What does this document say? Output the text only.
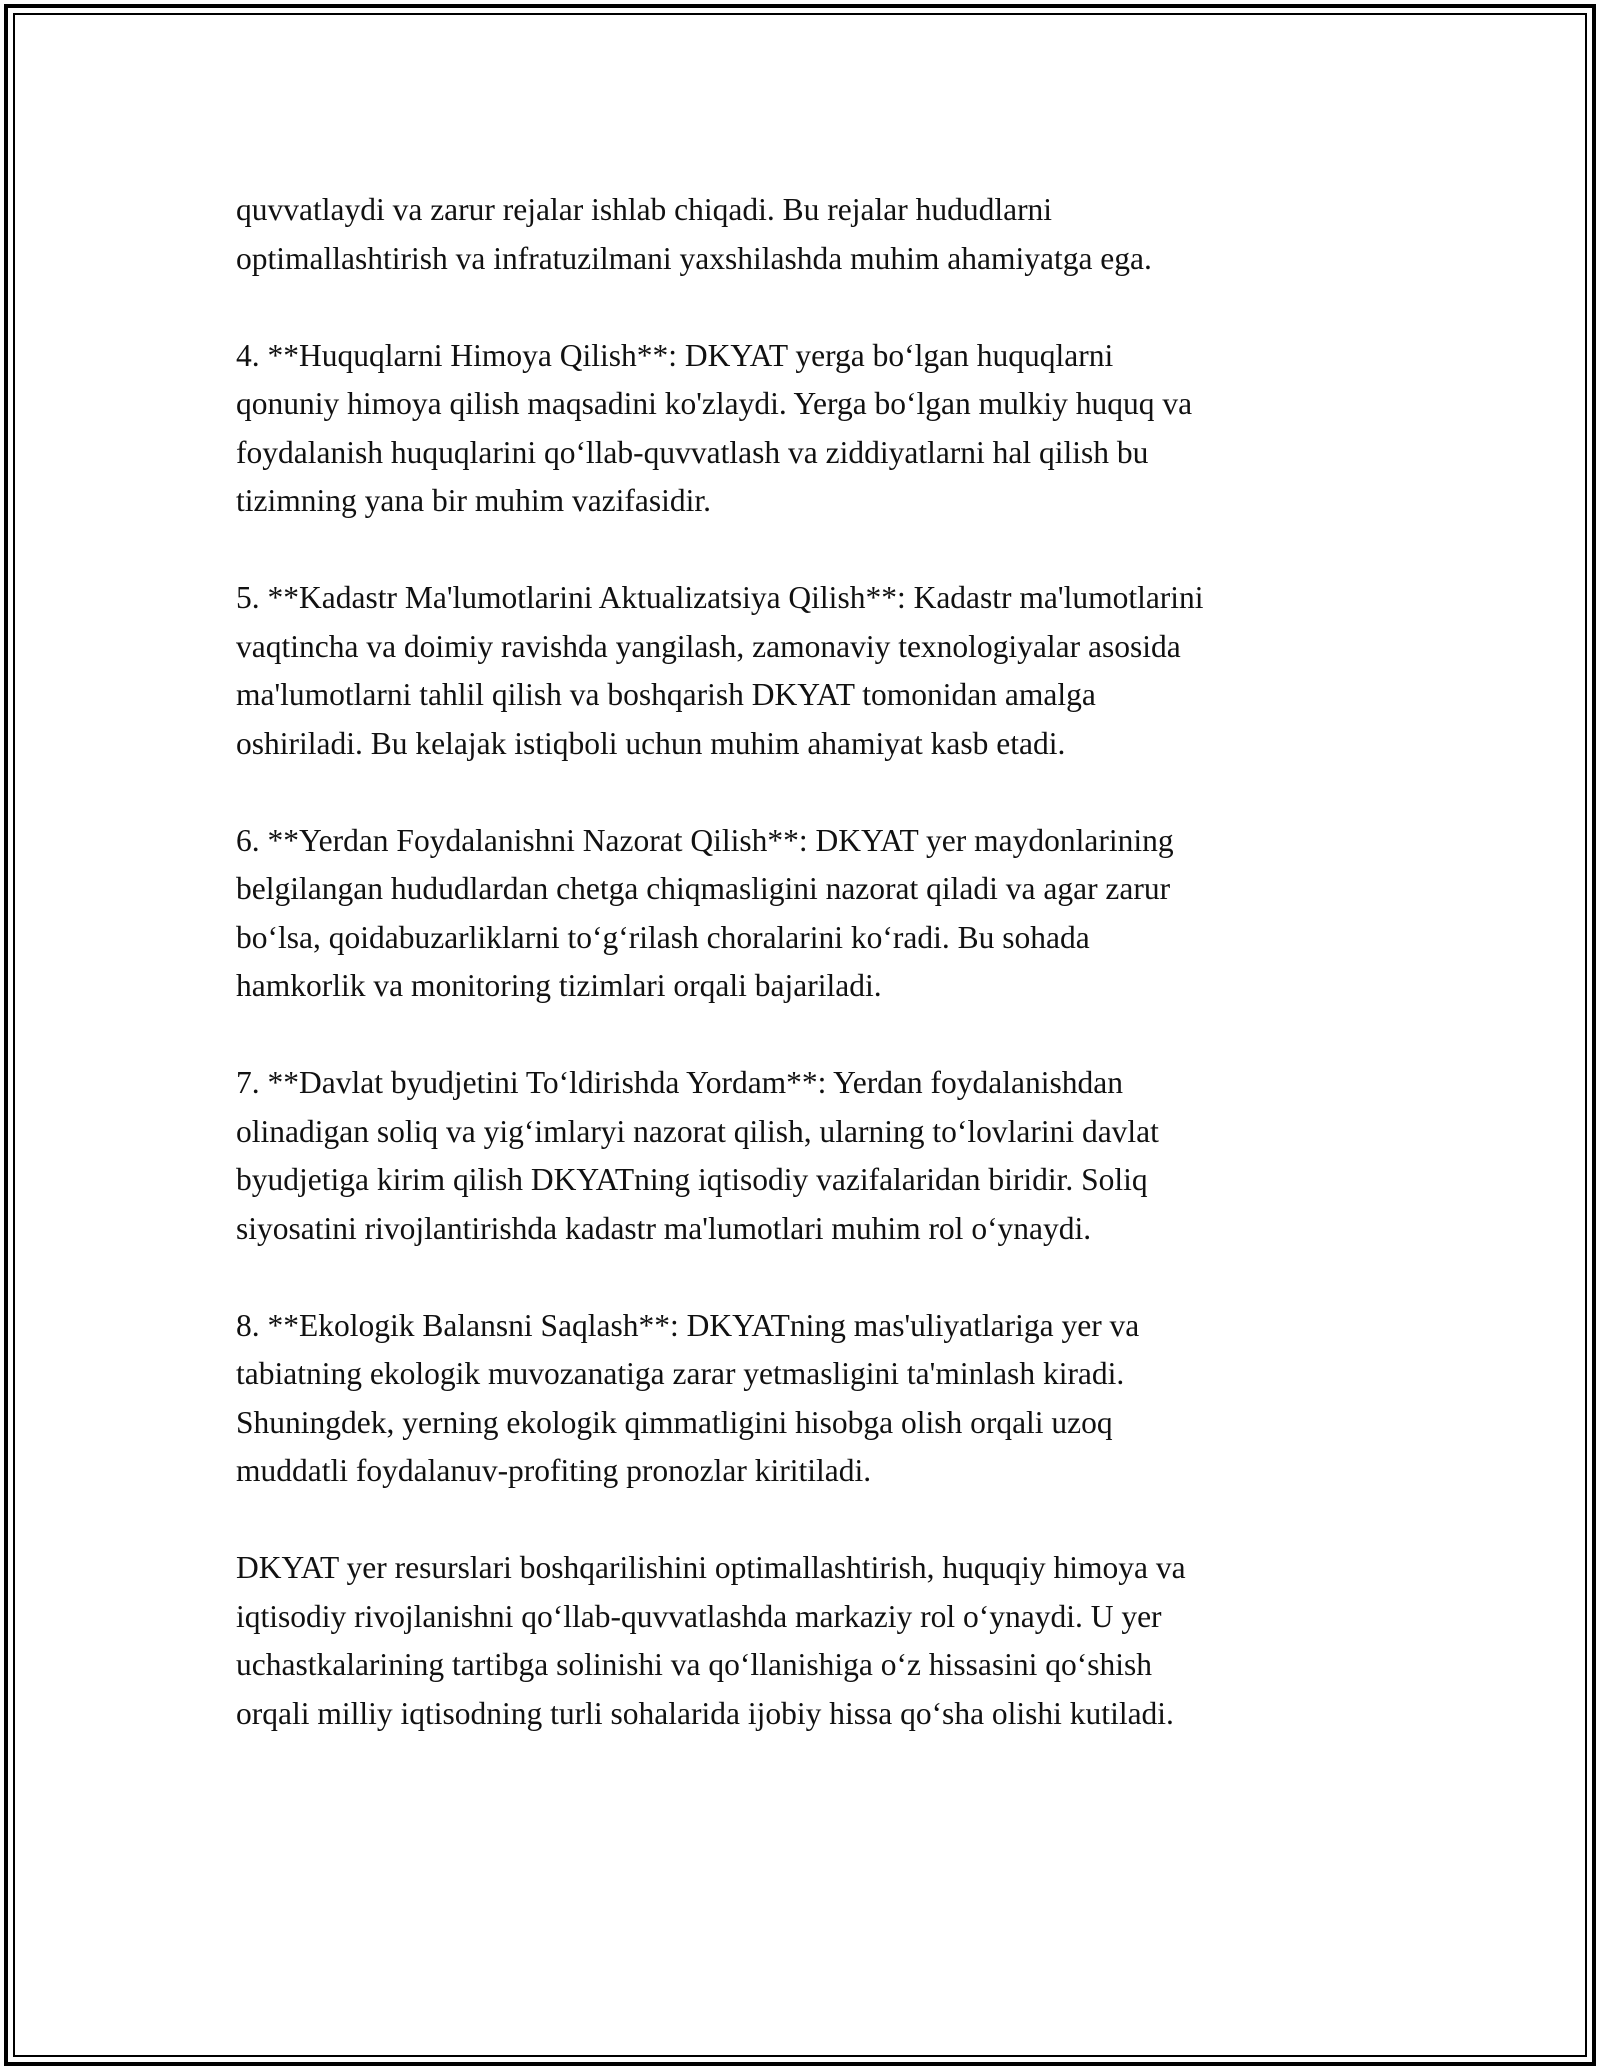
quvvatlaydi va zarur rejalar ishlab chiqadi. Bu rejalar hududlarni
optimallashtirish va infratuzilmani yaxshilashda muhim ahamiyatga ega.

4. **Huquqlarni Himoya Qilish**: DKYAT yerga bo‘lgan huquqlarni
qonuniy himoya qilish maqsadini ko'zlaydi. Yerga bo‘lgan mulkiy huquq va
foydalanish huquqlarini qo‘llab-quvvatlash va ziddiyatlarni hal qilish bu
tizimning yana bir muhim vazifasidir.

5. **Kadastr Ma'lumotlarini Aktualizatsiya Qilish**: Kadastr ma'lumotlarini
vaqtincha va doimiy ravishda yangilash, zamonaviy texnologiyalar asosida
ma'lumotlarni tahlil qilish va boshqarish DKYAT tomonidan amalga
oshiriladi. Bu kelajak istiqboli uchun muhim ahamiyat kasb etadi.

6. **Yerdan Foydalanishni Nazorat Qilish**: DKYAT yer maydonlarining
belgilangan hududlardan chetga chiqmasligini nazorat qiladi va agar zarur
bo‘lsa, qoidabuzarliklarni to‘g‘rilash choralarini ko‘radi. Bu sohada
hamkorlik va monitoring tizimlari orqali bajariladi.

7. **Davlat byudjetini To‘ldirishda Yordam**: Yerdan foydalanishdan
olinadigan soliq va yig‘imlaryi nazorat qilish, ularning to‘lovlarini davlat
byudjetiga kirim qilish DKYATning iqtisodiy vazifalaridan biridir. Soliq
siyosatini rivojlantirishda kadastr ma'lumotlari muhim rol o‘ynaydi.

8. **Ekologik Balansni Saqlash**: DKYATning mas'uliyatlariga yer va
tabiatning ekologik muvozanatiga zarar yetmasligini ta'minlash kiradi.
Shuningdek, yerning ekologik qimmatligini hisobga olish orqali uzoq
muddatli foydalanuv-profiting pronozlar kiritiladi.

DKYAT yer resurslari boshqarilishini optimallashtirish, huquqiy himoya va
iqtisodiy rivojlanishni qo‘llab-quvvatlashda markaziy rol o‘ynaydi. U yer
uchastkalarining tartibga solinishi va qo‘llanishiga o‘z hissasini qo‘shish
orqali milliy iqtisodning turli sohalarida ijobiy hissa qo‘sha olishi kutiladi.
